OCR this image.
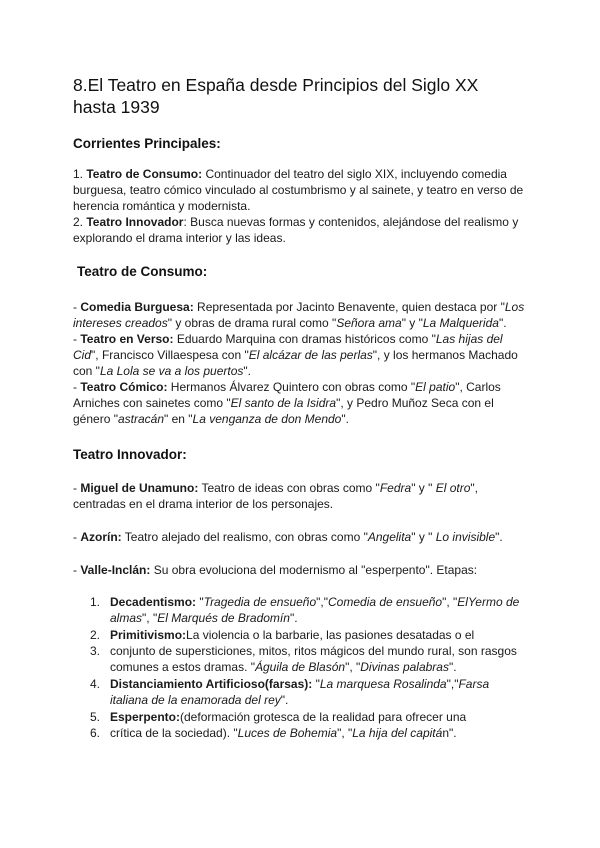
8.El Teatro en España desde Principios del Siglo XX
hasta 1939
Corrientes Principales:
1. Teatro de Consumo: Continuador del teatro del siglo XIX, incluyendo comedia
burguesa, teatro cómico vinculado al costumbrismo y al sainete, y teatro en verso de
herencia romántica y modernista.
2. Teatro Innovador: Busca nuevas formas y contenidos, alejándose del realismo y
explorando el drama interior y las ideas.
Teatro de Consumo:
- Comedia Burguesa: Representada por Jacinto Benavente, quien destaca por "Los
intereses creados" y obras de drama rural como "Señora ama" y "La Malquerida".
- Teatro en Verso: Eduardo Marquina con dramas históricos como "Las hijas del
Cid", Francisco Villaespesa con "El alcázar de las perlas", y los hermanos Machado
con "La Lola se va a los puertos".
- Teatro Cómico: Hermanos Álvarez Quintero con obras como "El patio", Carlos
Arniches con sainetes como "El santo de la Isidra", y Pedro Muñoz Seca con el
género "astracán" en "La venganza de don Mendo".
Teatro Innovador:
- Miguel de Unamuno: Teatro de ideas con obras como "Fedra" y " El otro",
centradas en el drama interior de los personajes.
- Azorín: Teatro alejado del realismo, con obras como "Angelita" y " Lo invisible".
- Valle-Inclán: Su obra evoluciona del modernismo al "esperpento". Etapas:
1. Decadentismo: "Tragedia de ensueño","Comedia de ensueño", "ElYermo de
almas", "El Marqués de Bradomín".
2. Primitivismo:La violencia o la barbarie, las pasiones desatadas o el
3. conjunto de supersticiones, mitos, ritos mágicos del mundo rural, son rasgos
comunes a estos dramas. "Águila de Blasón", "Divinas palabras".
4. Distanciamiento Artificioso(farsas): "La marquesa Rosalinda","Farsa
italiana de la enamorada del rey".
5. Esperpento:(deformación grotesca de la realidad para ofrecer una
6. crítica de la sociedad). "Luces de Bohemia", "La hija del capitán".
